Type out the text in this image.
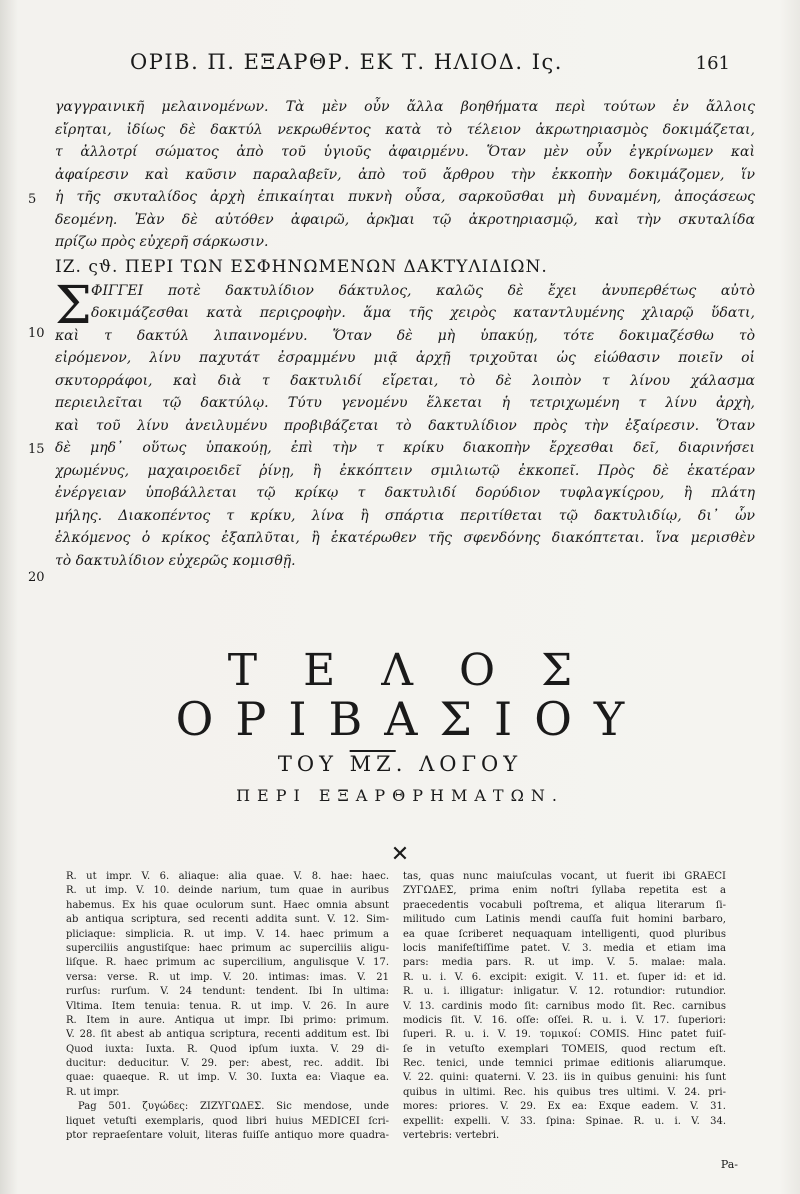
ΟΡΙΒ. Π. ΕΞΑΡΘΡ. ΕΚ Τ. ΗΛΙΟΔ. Ις.	161
γαγγραινικῆ μελαινομένων. Τὰ μὲν οὖν ἄλλα βοηθήματα περὶ τούτων ἐν ἄλλοις
εἴρηται, ἰδίως δὲ δακτύλ νεκρωθέντος κατὰ τὸ τέλειον ἀκρωτηριασμὸς δοκιμάζεται,
τ ἀλλοτρί σώματος ἀπὸ τοῦ ὑγιοῦς ἀφαιρμένυ. Ὅταν μὲν οὖν ἐγκρίνωμεν καὶ
ἀφαίρεσιν καὶ καῦσιν παραλαβεῖν, ἀπὸ τοῦ ἄρθρου τὴν ἐκκοπὴν δοκιμάζομεν, ἵν
ἡ τῆς σκυταλίδος ἀρχὴ ἐπικαίηται πυκνὴ οὖσα, σαρκοῦσθαι μὴ δυναμένη, ἀποςάσεως
δεομένη. Ἐὰν δὲ αὐτόθεν ἀφαιρῶ, ἀρκ͂μαι τῷ ἀκροτηριασμῷ, καὶ τὴν σκυταλίδα
πρίζω πρὸς εὐχερῆ σάρκωσιν.
ΙΖ. ςϑ. ΠΕΡΙ ΤΩΝ ΕΣΦΗΝΩΜΕΝΩΝ ΔΑΚΤΥΛΙΔΙΩΝ.
Σ ΦΙΓΓΕΙ ποτὲ δακτυλίδιον δάκτυλος, καλῶς δὲ ἔχει ἀνυπερθέτως αὐτὸ
δοκιμάζεσθαι κατὰ περιςροφὴν. ἅμα τῆς χειρὸς καταντλυμένης χλιαρῷ ὕδατι,
καὶ τ δακτύλ λιπαινομένυ. Ὅταν δὲ μὴ ὑπακύῃ, τότε δοκιμαζέσθω τὸ
εἰρόμενον, λίνυ παχυτάτ ἐσραμμένυ μιᾷ ἀρχῇ τριχοῦται ὡς εἰώθασιν ποιεῖν οἱ
σκυτορράφοι, καὶ διὰ τ δακτυλιδί εἴρεται, τὸ δὲ λοιπὸν τ λίνου χάλασμα
περιειλεῖται τῷ δακτύλῳ. Τύτυ γενομένυ ἕλκεται ἡ τετριχωμένη τ λίνυ ἀρχὴ,
καὶ τοῦ λίνυ ἀνειλυμένυ προβιβάζεται τὸ δακτυλίδιον πρὸς τὴν ἐξαίρεσιν. Ὅταν
δὲ μηδ᾽ οὕτως ὑπακούῃ, ἐπὶ τὴν τ κρίκυ διακοπὴν ἔρχεσθαι δεῖ, διαρινήσει
χρωμένυς, μαχαιροειδεῖ ῥίνῃ, ἢ ἐκκόπτειν σμιλιωτῷ ἐκκοπεῖ. Πρὸς δὲ ἑκατέραν
ἐνέργειαν ὑποβάλλεται τῷ κρίκῳ τ δακτυλιδί δορύδιον τυφλαγκίςρου, ἢ πλάτη
μήλης. Διακοπέντος τ κρίκυ, λίνα ἢ σπάρτια περιτίθεται τῷ δακτυλιδίῳ, δι᾽ ὧν
ἑλκόμενος ὁ κρίκος ἐξαπλῦται, ἢ ἑκατέρωθεν τῆς σφενδόνης διακόπτεται. ἵνα μερισθὲν
τὸ δακτυλίδιον εὐχερῶς κομισθῇ.
5
10
15
20
ΤΕΛΟΣ
ΟΡΙΒΑΣΙΟΥ
ΤΟΥ $\overline{MZ}$. ΛΟΓΟΥ
ΠΕΡΙ ΕΞΑΡΘΡΗΜΑΤΩΝ.
✕
R. ut impr. V. 6. aliaque: alia quae. V. 8. hae: haec.
R. ut imp. V. 10. deinde narium, tum quae in auribus
habemus. Ex his quae oculorum sunt. Haec omnia absunt
ab antiqua scriptura, sed recenti addita sunt. V. 12. Sim-
pliciaque: simplicia. R. ut imp. V. 14. haec primum a
superciliis angustiſque: haec primum ac superciliis aligu-
liſque. R. haec primum ac supercilium, angulisque V. 17.
versa: verse. R. ut imp. V. 20. intimas: imas. V. 21
rurſus: rurſum. V. 24 tendunt: tendent. Ibi In ultima:
Vltima. Item tenuia: tenua. R. ut imp. V. 26. In aure
R. Item in aure. Antiqua ut impr. Ibi primo: primum.
V. 28. ſit abest ab antiqua scriptura, recenti additum est. Ibi
Quod iuxta: Iuxta. R. Quod ipſum iuxta. V. 29 di-
ducitur: deducitur. V. 29. per: abest, rec. addit. Ibi
quae: quaeque. R. ut imp. V. 30. Iuxta ea: Viaque ea.
R. ut impr.
Pag 501. ζυγώδες: ΖΙΖΥΓΩΔΕΣ. Sic mendose, unde
liquet vetuſti exemplaris, quod libri huius MEDICEI ſcri-
ptor repraeſentare voluit, literas fuiſſe antiquo more quadra-
tas, quas nunc maiuſculas vocant, ut fuerit ibi GRAECI
ΖΥΓΩΔΕΣ, prima enim noſtri ſyllaba repetita est a
praecedentis vocabuli poſtrema, et aliqua literarum ſi-
militudo cum Latinis mendi cauſſa fuit homini barbaro,
ea quae ſcriberet nequaquam intelligenti, quod pluribus
locis manifeſtiſſime patet. V. 3. media et etiam ima
pars: media pars. R. ut imp. V. 5. malae: mala.
R. u. i. V. 6. excipit: exigit. V. 11. et. ſuper id: et id.
R. u. i. illigatur: inligatur. V. 12. rotundior: rutundior.
V. 13. cardinis modo ſit: carnibus modo ſit. Rec. carnibus
modicis ſit. V. 16. oſſe: oſſei. R. u. i. V. 17. ſuperiori:
ſuperi. R. u. i. V. 19. τομικοί: COMIS. Hinc patet fuiſ-
ſe in vetuſto exemplari TOMEIS, quod rectum eſt.
Rec. tenici, unde temnici primae editionis aliarumque.
V. 22. quini: quaterni. V. 23. iis in quibus genuini: his ſunt
quibus in ultimi. Rec. his quibus tres ultimi. V. 24. pri-
mores: priores. V. 29. Ex ea: Exque eadem. V. 31.
expellit: expelli. V. 33. ſpina: Spinae. R. u. i. V. 34.
vertebris: vertebri.
Pa-
